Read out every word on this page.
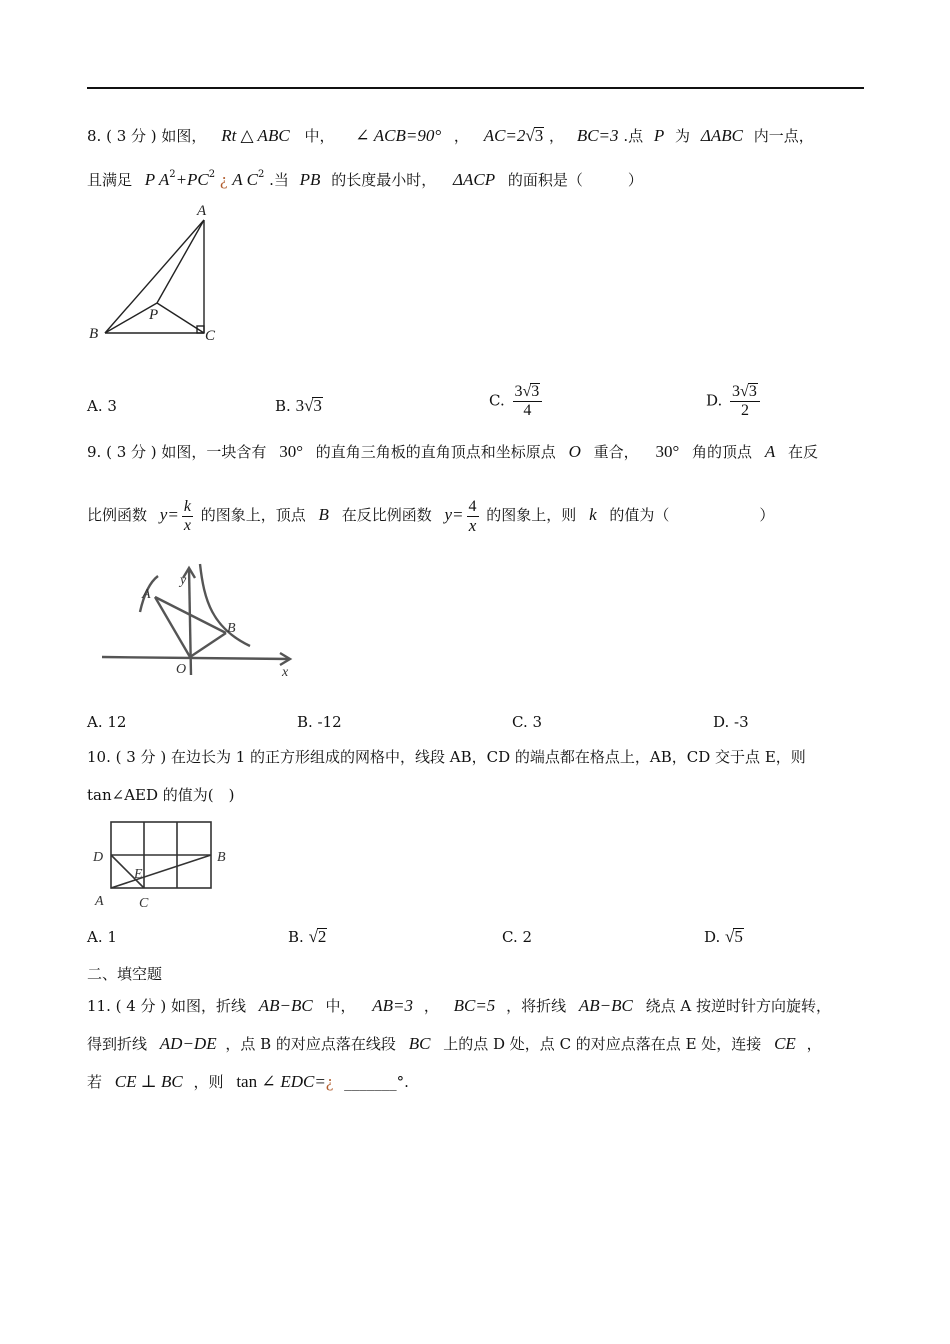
8. ( 3 分 ) 如图， Rt △ ABC 中， ∠ ACB=90° ， AC=2√3 ， BC=3 .点 P 为 ΔABC 内一点，
且满足 P $A^2+PC^2$ ¿ A $C^2$ .当 PB 的长度最小时， ΔACP 的面积是（　　　）
A
B	C
P
A. 3	B. 3√3	C. $\frac{3√3}{4}$	D. $\frac{3√3}{2}$
9. ( 3 分 ) 如图，一块含有 30° 的直角三角板的直角顶点和坐标原点 O 重合， 30° 角的顶点 A 在反
比例函数 $y= \frac{k}{x}$ 的图象上，顶点 B 在反比例函数 $y= \frac{4}{x}$ 的图象上，则 k 的值为（　　　　　　）
A
B
O	x
y
A. 12	B. -12	C. 3	D. -3
10. ( 3 分 ) 在边长为 1 的正方形组成的网格中，线段 AB，CD 的端点都在格点上，AB，CD 交于点 E，则
tan∠AED 的值为(　)
D	B
E
A	C
A. 1	B. √2	C. 2	D. √5
二、填空题
11. ( 4 分 ) 如图，折线 AB−BC 中， AB=3 ， BC=5 ，将折线 AB−BC 绕点 A 按逆时针方向旋转，
得到折线 AD−DE ，点 B 的对应点落在线段 BC 上的点 D 处，点 C 的对应点落在点 E 处，连接 CE ，
若 CE ⊥ BC ，则 tan ∠ EDC=¿ _______°.
